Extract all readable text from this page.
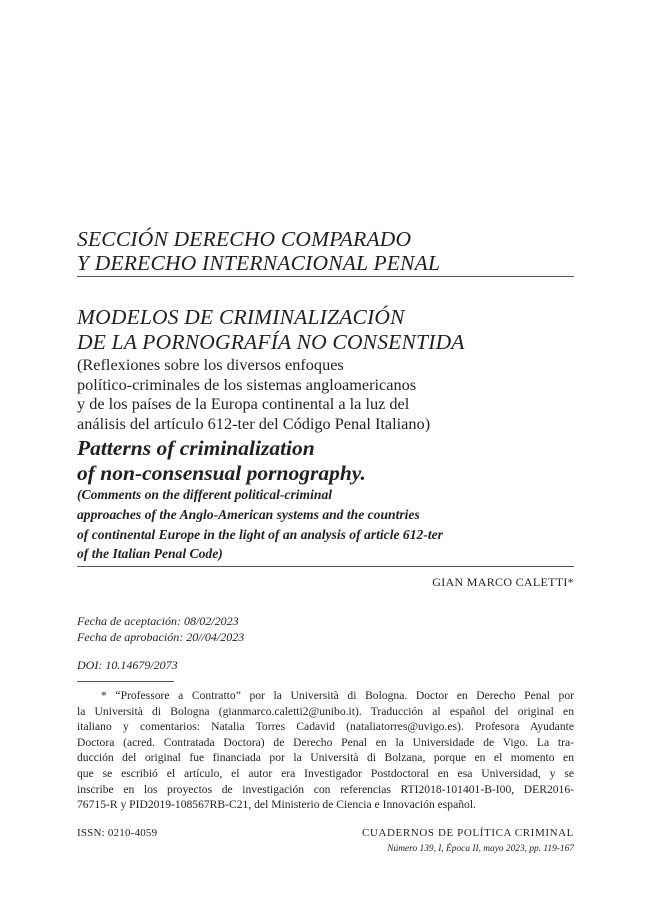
SECCIÓN DERECHO COMPARADO
Y DERECHO INTERNACIONAL PENAL
MODELOS DE CRIMINALIZACIÓN
DE LA PORNOGRAFÍA NO CONSENTIDA
(Reflexiones sobre los diversos enfoques
político-criminales de los sistemas angloamericanos
y de los países de la Europa continental a la luz del
análisis del artículo 612-ter del Código Penal Italiano)
Patterns of criminalization
of non-consensual pornography.
(Comments on the different political-criminal
approaches of the Anglo-American systems and the countries
of continental Europe in the light of an analysis of article 612-ter
of the Italian Penal Code)
GIAN MARCO CALETTI*
Fecha de aceptación: 08/02/2023
Fecha de aprobación: 20//04/2023
DOI: 10.14679/2073
* “Professore a Contratto” por la Università di Bologna. Doctor en Derecho Penal por
la Università di Bologna (gianmarco.caletti2@unibo.it). Traducción al español del original en
italiano y comentarios: Natalia Torres Cadavid (nataliatorres@uvigo.es). Profesora Ayudante
Doctora (acred. Contratada Doctora) de Derecho Penal en la Universidade de Vigo. La tra-
ducción del original fue financiada por la Università di Bolzana, porque en el momento en
que se escribió el artículo, el autor era Investigador Postdoctoral en esa Universidad, y se
inscribe en los proyectos de investigación con referencias RTI2018-101401-B-I00, DER2016-
76715-R y PID2019-108567RB-C21, del Ministerio de Ciencia e Innovación español.
ISSN: 0210-4059	CUADERNOS DE POLÍTICA CRIMINAL
Número 139, I, Época II, mayo 2023, pp. 119-167
